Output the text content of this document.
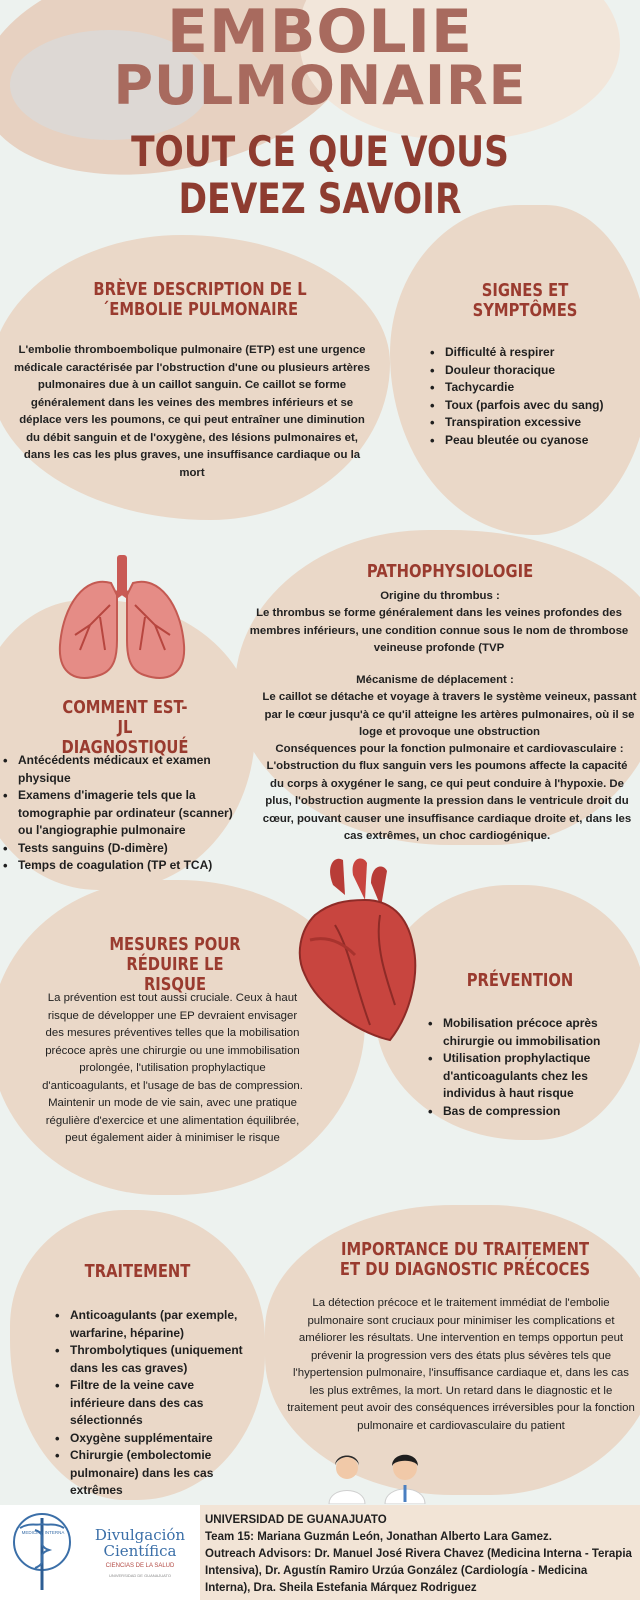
EMBOLIE
PULMONAIRE
TOUT CE QUE VOUS
DEVEZ SAVOIR
BRÈVE DESCRIPTION DE L´EMBOLIE PULMONAIRE
L'embolie thromboembolique pulmonaire (ETP) est une urgence médicale caractérisée par l'obstruction d'une ou plusieurs artères pulmonaires due à un caillot sanguin. Ce caillot se forme généralement dans les veines des membres inférieurs et se déplace vers les poumons, ce qui peut entraîner une diminution du débit sanguin et de l'oxygène, des lésions pulmonaires et, dans les cas les plus graves, une insuffisance cardiaque ou la mort
SIGNES ET SYMPTÔMES
• Difficulté à respirer
• Douleur thoracique
• Tachycardie
• Toux (parfois avec du sang)
• Transpiration excessive
• Peau bleutée ou cyanose
PATHOPHYSIOLOGIE
Origine du thrombus :
Le thrombus se forme généralement dans les veines profondes des membres inférieurs, une condition connue sous le nom de thrombose veineuse profonde (TVP
Mécanisme de déplacement :
Le caillot se détache et voyage à travers le système veineux, passant par le cœur jusqu'à ce qu'il atteigne les artères pulmonaires, où il se loge et provoque une obstruction
Conséquences pour la fonction pulmonaire et cardiovasculaire :
L'obstruction du flux sanguin vers les poumons affecte la capacité du corps à oxygéner le sang, ce qui peut conduire à l'hypoxie. De plus, l'obstruction augmente la pression dans le ventricule droit du cœur, pouvant causer une insuffisance cardiaque droite et, dans les cas extrêmes, un choc cardiogénique.
COMMENT EST-JL DIAGNOSTIQUÉ
• Antécédents médicaux et examen physique
• Examens d'imagerie tels que la tomographie par ordinateur (scanner) ou l'angiographie pulmonaire
• Tests sanguins (D-dimère)
• Temps de coagulation (TP et TCA)
MESURES POUR RÉDUIRE LE RISQUE
La prévention est tout aussi cruciale. Ceux à haut risque de développer une EP devraient envisager des mesures préventives telles que la mobilisation précoce après une chirurgie ou une immobilisation prolongée, l'utilisation prophylactique d'anticoagulants, et l'usage de bas de compression. Maintenir un mode de vie sain, avec une pratique régulière d'exercice et une alimentation équilibrée, peut également aider à minimiser le risque
PRÉVENTION
• Mobilisation précoce après chirurgie ou immobilisation
• Utilisation prophylactique d'anticoagulants chez les individus à haut risque
• Bas de compression
TRAITEMENT
• Anticoagulants (par exemple, warfarine, héparine)
• Thrombolytiques (uniquement dans les cas graves)
• Filtre de la veine cave inférieure dans des cas sélectionnés
• Oxygène supplémentaire
• Chirurgie (embolectomie pulmonaire) dans les cas extrêmes
IMPORTANCE DU TRAIȚEMENT ET DU DIAGNOSTIC PRÉCOCES
La détection précoce et le traitement immédiat de l'embolie pulmonaire sont cruciaux pour minimiser les complications et améliorer les résultats. Une intervention en temps opportun peut prévenir la progression vers des états plus sévères tels que l'hypertension pulmonaire, l'insuffisance cardiaque et, dans les cas les plus extrêmes, la mort. Un retard dans le diagnostic et le traitement peut avoir des conséquences irréversibles pour la fonction pulmonaire et cardiovasculaire du patient
MEDICINA INTERNA	Divulgación
Científica
CIENCIAS DE LA SALUD
UNIVERSIDAD DE GUANAJUATO
UNIVERSIDAD DE GUANAJUATO
Team 15: Mariana Guzmán León, Jonathan Alberto Lara Gamez.
Outreach Advisors: Dr. Manuel José Rivera Chavez (Medicina Interna - Terapia Intensiva), Dr. Agustín Ramiro Urzúa González (Cardiología - Medicina Interna), Dra. Sheila Estefania Márquez Rodriguez
